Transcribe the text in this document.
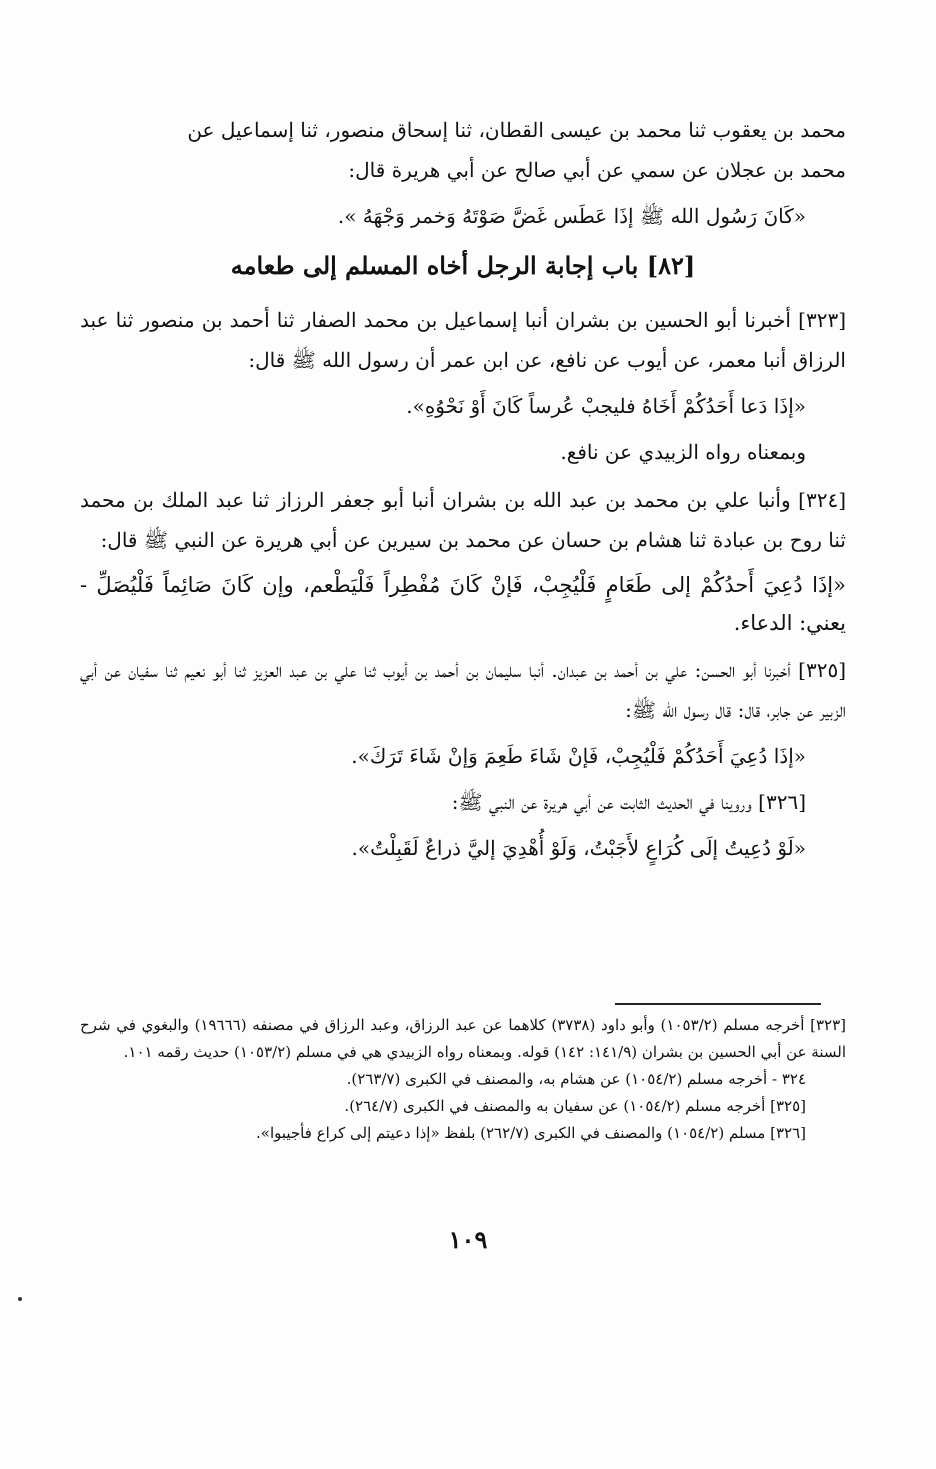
محمد بن يعقوب ثنا محمد بن عيسى القطان، ثنا إسحاق منصور، ثنا إسماعيل عن

محمد بن عجلان عن سمي عن أبي صالح عن أبي هريرة قال:

«كَانَ رَسُول الله ﷺ إذَا عَطَس غَضَّ صَوْتَهُ وَخمر وَجْهَهُ ».

[٨٢] باب إجابة الرجل أخاه المسلم إلى طعامه

[٣٢٣] أخبرنا أبو الحسين بن بشران أنبا إسماعيل بن محمد الصفار ثنا أحمد بن منصور ثنا عبد الرزاق أنبا معمر، عن أيوب عن نافع، عن ابن عمر أن رسول الله ﷺ قال:

«إذَا دَعا أَحَدُكُمْ أَخَاهُ فليجبْ عُرساً كَانَ أَوْ نَحْوُهِ».

وبمعناه رواه الزبيدي عن نافع.

[٣٢٤] وأنبا علي بن محمد بن عبد الله بن بشران أنبا أبو جعفر الرزاز ثنا عبد الملك بن محمد ثنا روح بن عبادة ثنا هشام بن حسان عن محمد بن سيرين عن أبي هريرة عن النبي ﷺ قال:

«إذَا دُعِيَ أَحدُكُمْ إلى طَعَامٍ فَلْيُجِبْ، فَإنْ كَانَ مُفْطِراً فَلْيَطْعم، وإن كَانَ صَائِماً فَلْيُصَلِّ - يعني: الدعاء.

[٣٢٥] أخبرنا أبو الحسن: علي بن أحمد بن عبدان. أنبا سليمان بن أحمد بن أيوب ثنا علي بن عبد العزيز ثنا أبو نعيم ثنا سفيان عن أبي الزبير عن جابر، قال: قال رسول الله ﷺ:

«إذَا دُعِيَ أَحَدُكُمْ فَلْيُجِبْ، فَإنْ شَاءَ طَعِمَ وَإنْ شَاءَ تَرَكَ».

[٣٢٦] وروينا في الحديث الثابت عن أبي هريرة عن النبي ﷺ:

«لَوْ دُعِيتُ إلَى كُرَاعٍ لأَجَبْتُ، وَلَوْ أُهْدِيَ إليَّ ذراعٌ لَقَبِلْتُ».

[٣٢٣] أخرجه مسلم (١٠٥٣/٢) وأبو داود (٣٧٣٨) كلاهما عن عبد الرزاق، وعبد الرزاق في مصنفه (١٩٦٦٦) والبغوي في شرح السنة عن أبي الحسين بن بشران (١٤١/٩: ١٤٢) قوله. وبمعناه رواه الزبيدي هي في مسلم (١٠٥٣/٢) حديث رقمه ١٠١.

٣٢٤ - أخرجه مسلم (١٠٥٤/٢) عن هشام به، والمصنف في الكبرى (٢٦٣/٧).

[٣٢٥] أخرجه مسلم (١٠٥٤/٢) عن سفيان به والمصنف في الكبرى (٢٦٤/٧).

[٣٢٦] مسلم (١٠٥٤/٢) والمصنف في الكبرى (٢٦٢/٧) بلفظ «إذا دعيتم إلى كراع فأجيبوا».

١٠٩
